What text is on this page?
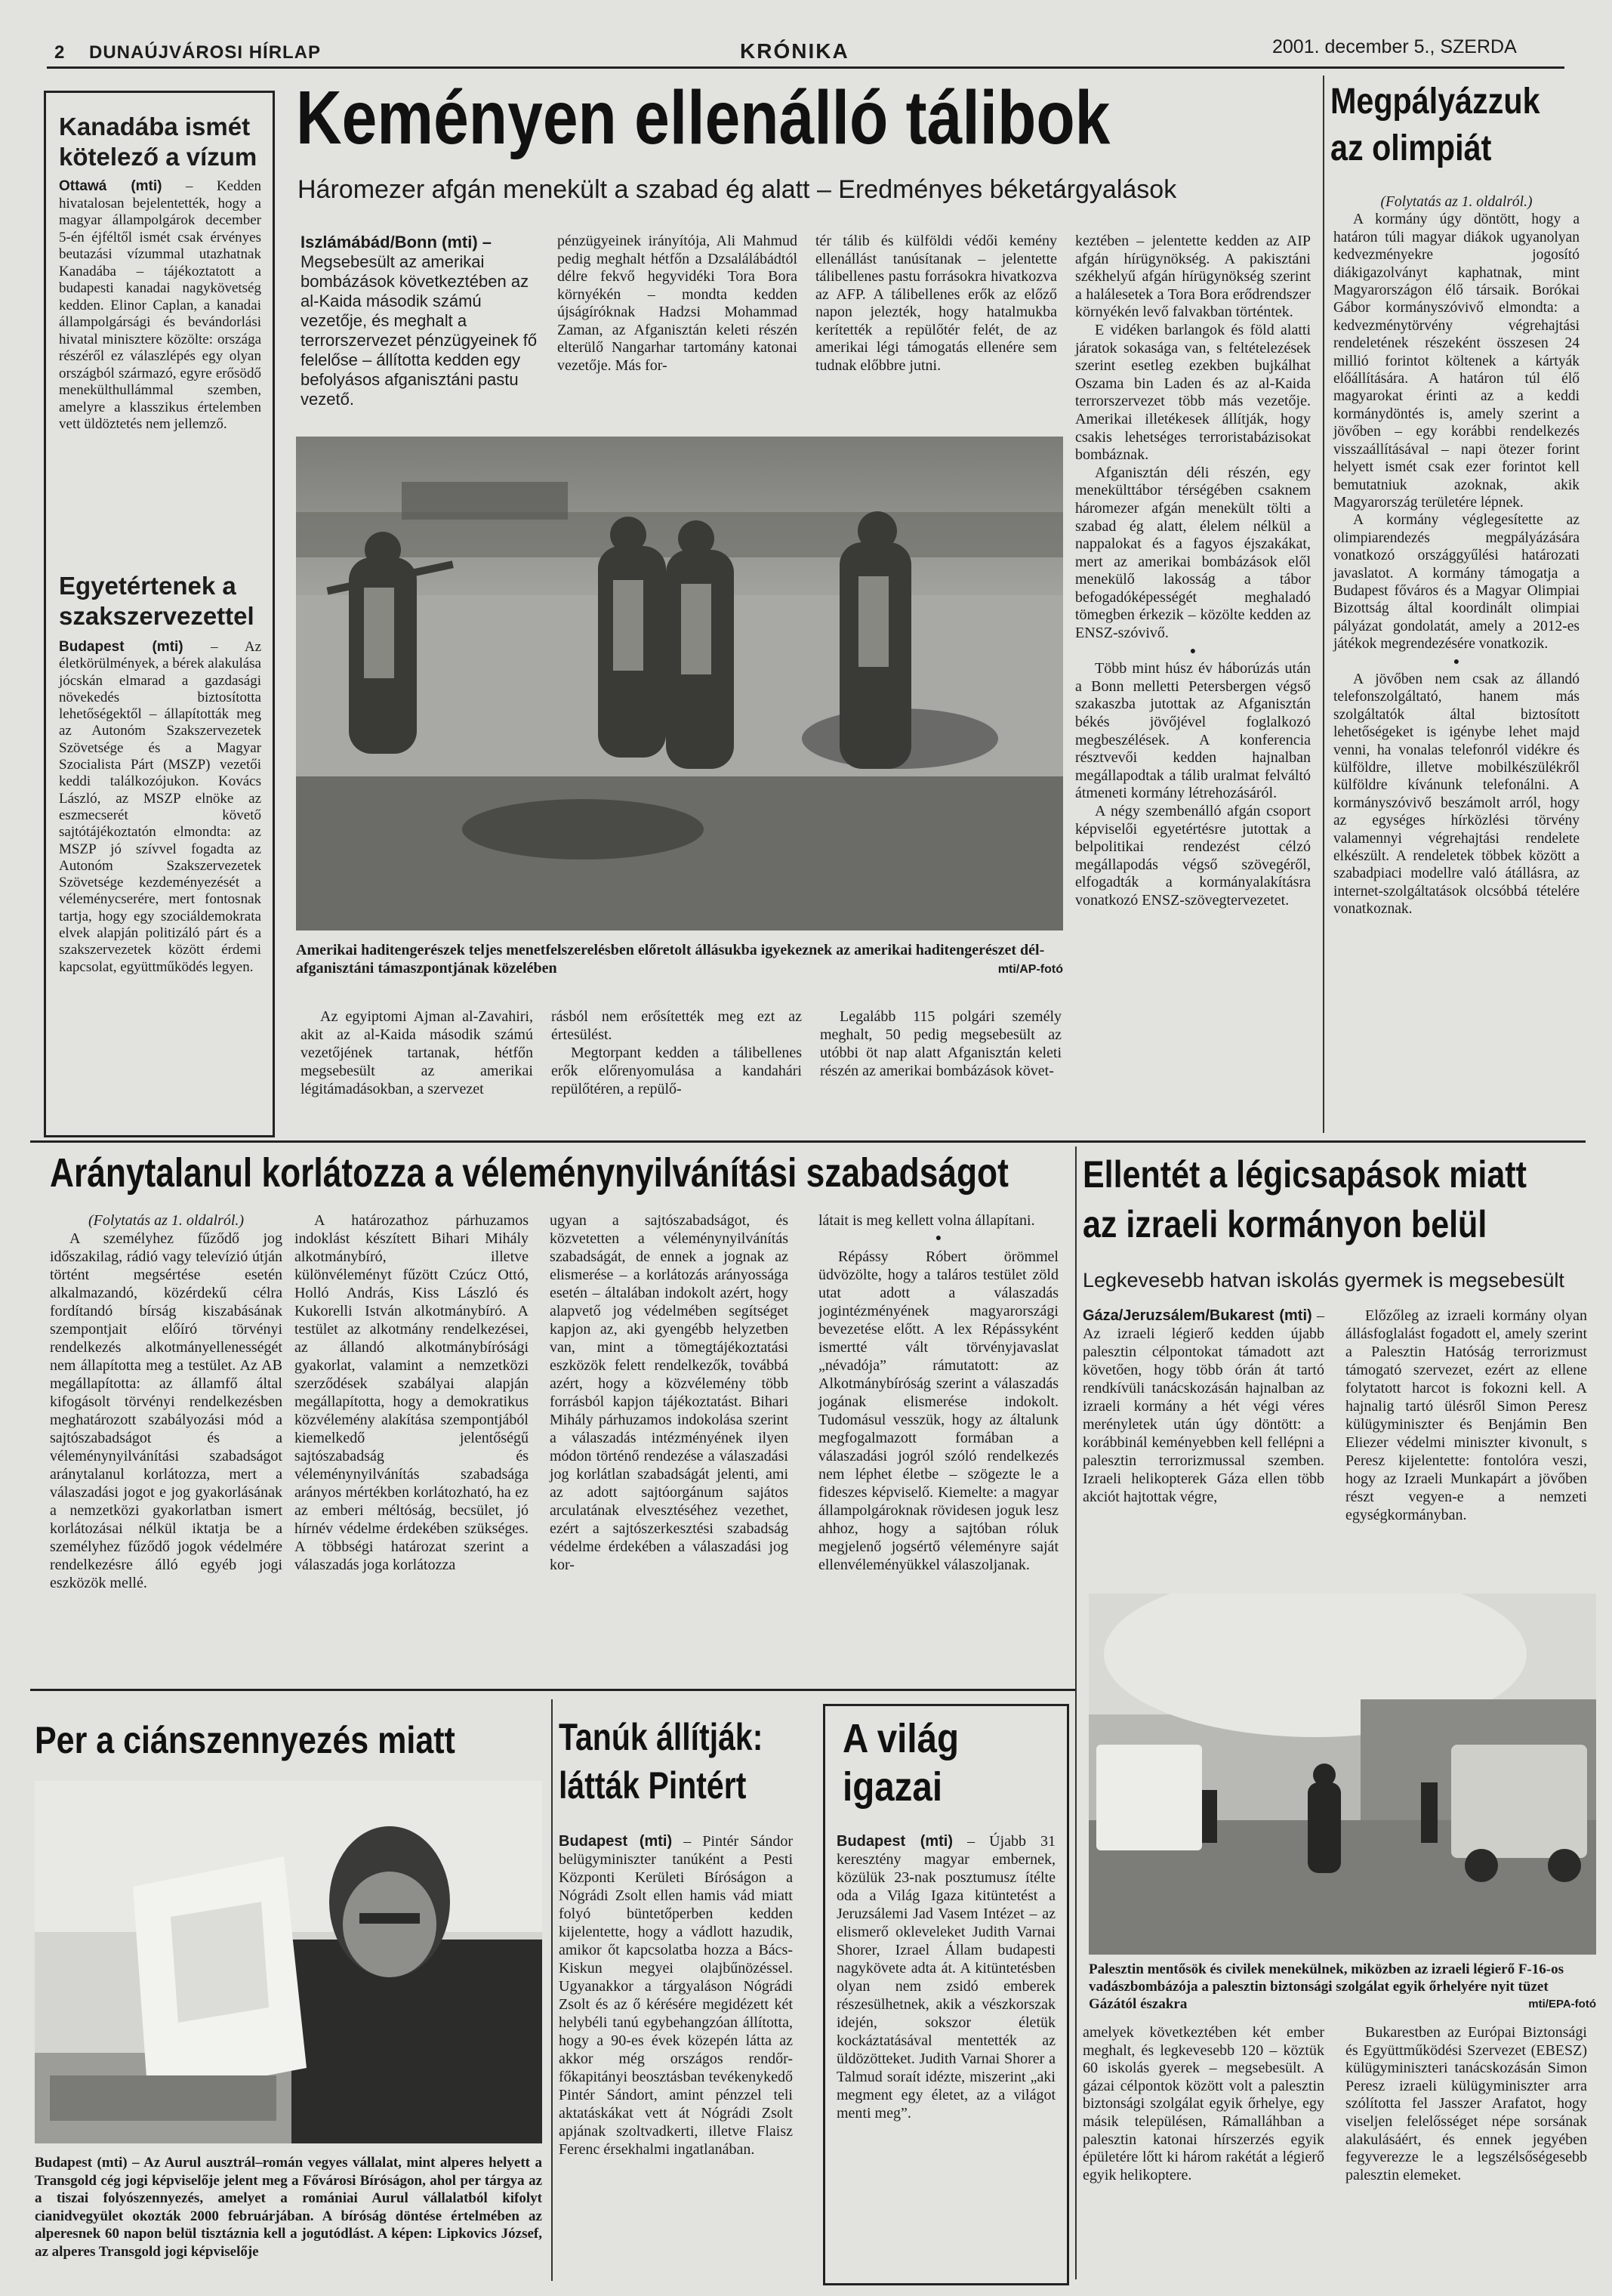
2 DUNAÚJVÁROSI HÍRLAP	KRÓNIKA	2001. december 5., SZERDA
Kanadába ismét kötelező a vízum

Ottawá (mti) – Kedden hivatalosan bejelentették, hogy a magyar állampolgárok december 5-én éjféltől ismét csak érvényes beutazási vízummal utazhatnak Kanadába – tájékoztatott a budapesti kanadai nagykövetség kedden. Elinor Caplan, a kanadai állampolgársági és bevándorlási hivatal minisztere közölte: országa részéről ez válaszlépés egy olyan országból származó, egyre erősödő menekülthullámmal szemben, amelyre a klasszikus értelemben vett üldöztetés nem jellemző.

Egyetértenek a szakszervezettel

Budapest (mti) – Az életkörülmények, a bérek alakulása jócskán elmarad a gazdasági növekedés biztosította lehetőségektől – állapították meg az Autonóm Szakszervezetek Szövetsége és a Magyar Szocialista Párt (MSZP) vezetői keddi találkozójukon. Kovács László, az MSZP elnöke az eszmecserét követő sajtótájékoztatón elmondta: az MSZP jó szívvel fogadta az Autonóm Szakszervezetek Szövetsége kezdeményezését a véleménycserére, mert fontosnak tartja, hogy egy szociáldemokrata elvek alapján politizáló párt és a szakszervezetek között érdemi kapcsolat, együttműködés legyen.

Keményen ellenálló tálibok
Háromezer afgán menekült a szabad ég alatt – Eredményes béketárgyalások

Iszlámábád/Bonn (mti) – Megsebesült az amerikai bombázások következtében az al-Kaida második számú vezetője, és meghalt a terrorszervezet pénzügyeinek fő felelőse – állította kedden egy befolyásos afganisztáni pastu vezető.

pénzügyeinek irányítója, Ali Mahmud pedig meghalt hétfőn a Dzsalálábádtól délre fekvő hegyvidéki Tora Bora környékén – mondta kedden újságíróknak Hadzsi Mohammad Zaman, az Afganisztán keleti részén elterülő Nangarhar tartomány katonai vezetője. Más for-

tér tálib és külföldi védői kemény ellenállást tanúsítanak – jelentette tálibellenes pastu forrásokra hivatkozva az AFP. A tálibellenes erők az előző napon jelezték, hogy hatalmukba kerítették a repülőtér felét, de az amerikai légi támogatás ellenére sem tudnak előbbre jutni.

Amerikai haditengerészek teljes menetfelszerelésben előretolt állásukba igyekeznek az amerikai haditengerészet dél-afganisztáni támaszpontjának közelében	mti/AP-fotó

Az egyiptomi Ajman al-Zavahiri, akit az al-Kaida második számú vezetőjének tartanak, hétfőn megsebesült az amerikai légitámadásokban, a szervezet

rásból nem erősítették meg ezt az értesülést.

Megtorpant kedden a tálibellenes erők előrenyomulása a kandahári repülőtéren, a repülő-

Legalább 115 polgári személy meghalt, 50 pedig megsebesült az utóbbi öt nap alatt Afganisztán keleti részén az amerikai bombázások követ-

keztében – jelentette kedden az AIP afgán hírügynökség. A pakisztáni székhelyű afgán hírügynökség szerint a halálesetek a Tora Bora erődrendszer környékén levő falvakban történtek.

E vidéken barlangok és föld alatti járatok sokasága van, s feltételezések szerint esetleg ezekben bujkálhat Oszama bin Laden és az al-Kaida terrorszervezet több más vezetője. Amerikai illetékesek állítják, hogy csakis lehetséges terroristabázisokat bombáznak.

Afganisztán déli részén, egy menekülttábor térségében csaknem háromezer afgán menekült tölti a szabad ég alatt, élelem nélkül a nappalokat és a fagyos éjszakákat, mert az amerikai bombázások elől menekülő lakosság a tábor befogadóképességét meghaladó tömegben érkezik – közölte kedden az ENSZ-szóvivő.

●

Több mint húsz év háborúzás után a Bonn melletti Petersbergen végső szakaszba jutottak az Afganisztán békés jövőjével foglalkozó megbeszélések. A konferencia résztvevői kedden hajnalban megállapodtak a tálib uralmat felváltó átmeneti kormány létrehozásáról.

A négy szembenálló afgán csoport képviselői egyetértésre jutottak a belpolitikai rendezést célzó megállapodás végső szövegéről, elfogadták a kormányalakításra vonatkozó ENSZ-szövegtervezetet.

Megpályázzuk az olimpiát

(Folytatás az 1. oldalról.)

A kormány úgy döntött, hogy a határon túli magyar diákok ugyanolyan kedvezményekre jogosító diákigazolványt kaphatnak, mint Magyarországon élő társaik. Borókai Gábor kormányszóvivő elmondta: a kedvezménytörvény végrehajtási rendeletének részeként összesen 24 millió forintot költenek a kártyák előállítására. A határon túl élő magyarokat érinti az a keddi kormánydöntés is, amely szerint a jövőben – egy korábbi rendelkezés visszaállításával – napi ötezer forint helyett ismét csak ezer forintot kell bemutatniuk azoknak, akik Magyarország területére lépnek.

A kormány véglegesítette az olimpiarendezés megpályázására vonatkozó országgyűlési határozati javaslatot. A kormány támogatja a Budapest főváros és a Magyar Olimpiai Bizottság által koordinált olimpiai pályázat gondolatát, amely a 2012-es játékok megrendezésére vonatkozik.

●

A jövőben nem csak az állandó telefonszolgáltató, hanem más szolgáltatók által biztosított lehetőségeket is igénybe lehet majd venni, ha vonalas telefonról vidékre és külföldre, illetve mobilkészülékről külföldre kívánunk telefonálni. A kormányszóvivő beszámolt arról, hogy az egységes hírközlési törvény valamennyi végrehajtási rendelete elkészült. A rendeletek többek között a szabadpiaci modellre való átállásra, az internet-szolgáltatások olcsóbbá tételére vonatkoznak.

Aránytalanul korlátozza a véleménynyilvánítási szabadságot

(Folytatás az 1. oldalról.)

A személyhez fűződő jog időszakilag, rádió vagy televízió útján történt megsértése esetén alkalmazandó, közérdekű célra fordítandó bírság kiszabásának szempontjait előíró törvényi rendelkezés alkotmányellenességét nem állapította meg a testület. Az AB megállapította: az államfő által kifogásolt törvényi rendelkezésben meghatározott szabályozási mód a sajtószabadságot és a véleménynyilvánítási szabadságot aránytalanul korlátozza, mert a válaszadási jogot e jog gyakorlásának a nemzetközi gyakorlatban ismert korlátozásai nélkül iktatja be a személyhez fűződő jogok védelmére rendelkezésre álló egyéb jogi eszközök mellé.

A határozathoz párhuzamos indoklást készített Bihari Mihály alkotmánybíró, illetve különvéleményt fűzött Czúcz Ottó, Holló András, Kiss László és Kukorelli István alkotmánybíró. A testület az alkotmány rendelkezései, az állandó alkotmánybírósági gyakorlat, valamint a nemzetközi szerződések szabályai alapján megállapította, hogy a demokratikus közvélemény alakítása szempontjából kiemelkedő jelentőségű sajtószabadság és véleménynyilvánítás szabadsága arányos mértékben korlátozható, ha ez az emberi méltóság, becsület, jó hírnév védelme érdekében szükséges. A többségi határozat szerint a válaszadás joga korlátozza

ugyan a sajtószabadságot, és közvetetten a véleménynyilvánítás szabadságát, de ennek a jognak az elismerése – a korlátozás arányossága esetén – általában indokolt azért, hogy alapvető jog védelmében segítséget kapjon az, aki gyengébb helyzetben van, mint a tömegtájékoztatási eszközök felett rendelkezők, továbbá azért, hogy a közvélemény több forrásból kapjon tájékoztatást. Bihari Mihály párhuzamos indokolása szerint a válaszadás intézményének ilyen módon történő rendezése a válaszadási jog korlátlan szabadságát jelenti, ami az adott sajtóorgánum sajátos arculatának elvesztéséhez vezethet, ezért a sajtószerkesztési szabadság védelme érdekében a válaszadási jog kor-

látait is meg kellett volna állapítani.

●

Répássy Róbert örömmel üdvözölte, hogy a taláros testület zöld utat adott a válaszadás jogintézményének magyarországi bevezetése előtt. A lex Répássyként ismertté vált törvényjavaslat „névadója” rámutatott: az Alkotmánybíróság szerint a válaszadás jogának elismerése indokolt. Tudomásul vesszük, hogy az általunk megfogalmazott formában a válaszadási jogról szóló rendelkezés nem léphet életbe – szögezte le a fideszes képviselő. Kiemelte: a magyar állampolgároknak rövidesen joguk lesz ahhoz, hogy a sajtóban róluk megjelenő jogsértő véleményre saját ellenvéleményükkel válaszoljanak.

Ellentét a légicsapások miatt az izraeli kormányon belül
Legkevesebb hatvan iskolás gyermek is megsebesült

Gáza/Jeruzsálem/Bukarest (mti) – Az izraeli légierő kedden újabb palesztin célpontokat támadott azt követően, hogy több órán át tartó rendkívüli tanácskozásán hajnalban az izraeli kormány a hét végi véres merényletek után úgy döntött: a korábbinál keményebben kell fellépni a palesztin terrorizmussal szemben. Izraeli helikopterek Gáza ellen több akciót hajtottak végre,

Előzőleg az izraeli kormány olyan állásfoglalást fogadott el, amely szerint a Palesztin Hatóság terrorizmust támogató szervezet, ezért az ellene folytatott harcot is fokozni kell. A hajnalig tartó ülésről Simon Peresz külügyminiszter és Benjámin Ben Eliezer védelmi miniszter kivonult, s Peresz kijelentette: fontolóra veszi, hogy az Izraeli Munkapárt a jövőben részt vegyen-e a nemzeti egységkormányban.

Palesztin mentősök és civilek menekülnek, miközben az izraeli légierő F-16-os vadászbombázója a palesztin biztonsági szolgálat egyik őrhelyére nyit tüzet Gázától északra	mti/EPA-fotó

amelyek következtében két ember meghalt, és legkevesebb 120 – köztük 60 iskolás gyerek – megsebesült. A gázai célpontok között volt a palesztin biztonsági szolgálat egyik őrhelye, egy másik településen, Rámalláhban a palesztin katonai hírszerzés egyik épületére lőtt ki három rakétát a légierő egyik helikoptere.

Bukarestben az Európai Biztonsági és Együttműködési Szervezet (EBESZ) külügyminiszteri tanácskozásán Simon Peresz izraeli külügyminiszter arra szólította fel Jasszer Arafatot, hogy viseljen felelősséget népe sorsának alakulásáért, és ennek jegyében fegyverezze le a legszélsőségesebb palesztin elemeket.

Per a ciánszennyezés miatt
Budapest (mti) – Az Aurul ausztrál–román vegyes vállalat, mint alperes helyett a Transgold cég jogi képviselője jelent meg a Fővárosi Bíróságon, ahol per tárgya az a tiszai folyószennyezés, amelyet a romániai Aurul vállalatból kifolyt cianidvegyület okozták 2000 februárjában. A bíróság döntése értelmében az alperesnek 60 napon belül tisztáznia kell a jogutódlást. A képen: Lipkovics József, az alperes Transgold jogi képviselője
Tanúk állítják: látták Pintért

Budapest (mti) – Pintér Sándor belügyminiszter tanúként a Pesti Központi Kerületi Bíróságon a Nógrádi Zsolt ellen hamis vád miatt folyó büntetőperben kedden kijelentette, hogy a vádlott hazudik, amikor őt kapcsolatba hozza a Bács-Kiskun megyei olajbűnözéssel. Ugyanakkor a tárgyaláson Nógrádi Zsolt és az ő kérésére megidézett két helybéli tanú egybehangzóan állította, hogy a 90-es évek közepén látta az akkor még országos rendőr-főkapitányi beosztásban tevékenykedő Pintér Sándort, amint pénzzel teli aktatáskákat vett át Nógrádi Zsolt apjának szoltvadkerti, illetve Flaisz Ferenc érsekhalmi ingatlanában.

A világ igazai

Budapest (mti) – Újabb 31 keresztény magyar embernek, közülük 23-nak posztumusz ítélte oda a Világ Igaza kitüntetést a Jeruzsálemi Jad Vasem Intézet – az elismerő okleveleket Judith Varnai Shorer, Izrael Állam budapesti nagykövete adta át. A kitüntetésben olyan nem zsidó emberek részesülhetnek, akik a vészkorszak idején, sokszor életük kockáztatásával mentették az üldözötteket. Judith Varnai Shorer a Talmud soraít idézte, miszerint „aki megment egy életet, az a világot menti meg”.
